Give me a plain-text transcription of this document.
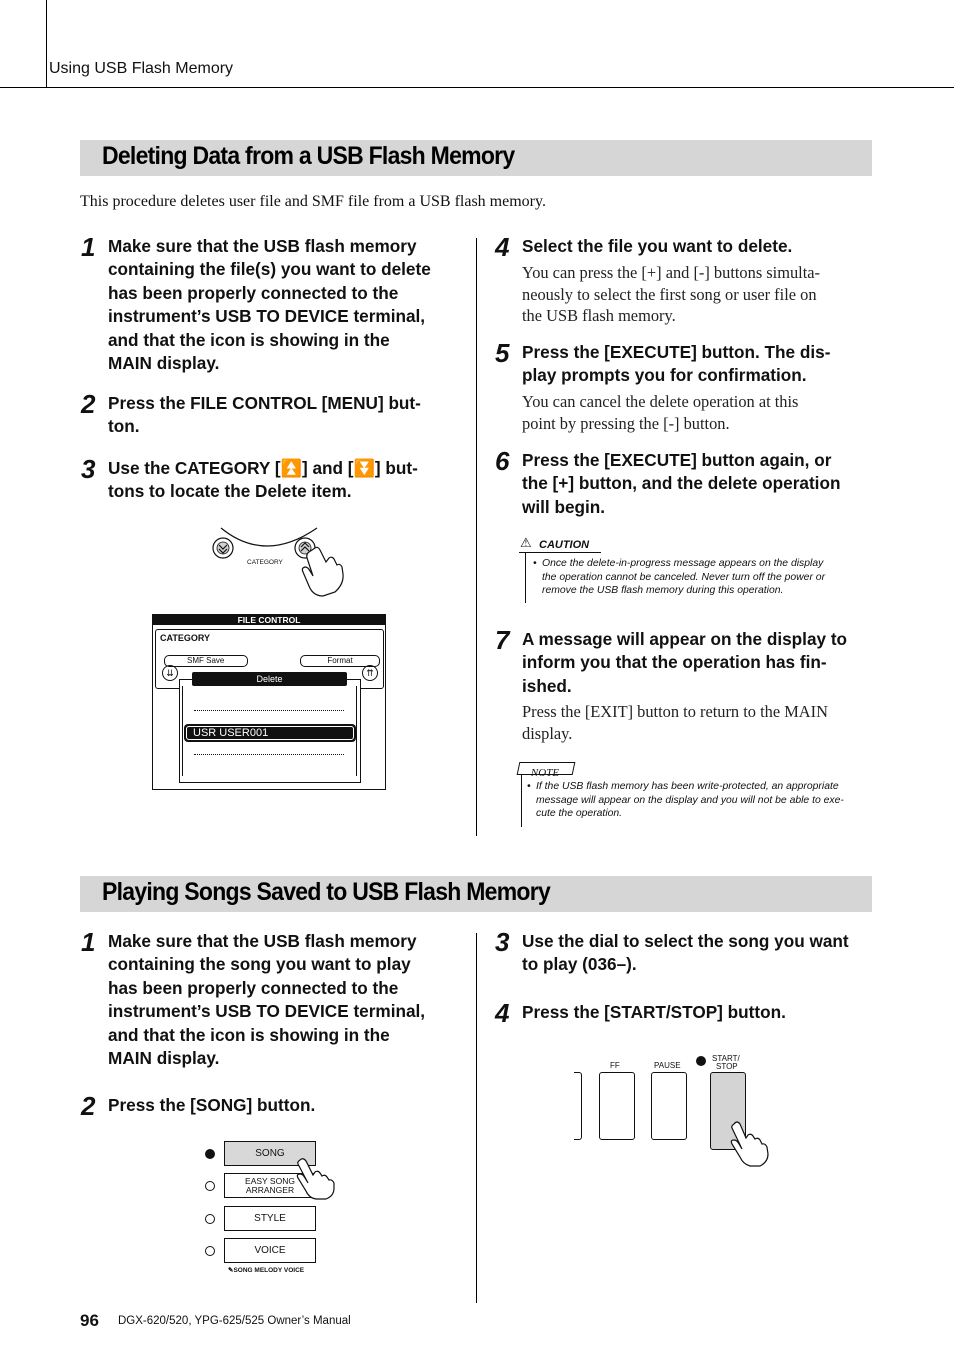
Using USB Flash Memory
Deleting Data from a USB Flash Memory
This procedure deletes user file and SMF file from a USB flash memory.
1 Make sure that the USB flash memory
containing the file(s) you want to delete
has been properly connected to the
instrument’s USB TO DEVICE terminal,
and that the icon is showing in the
MAIN display.
2 Press the FILE CONTROL [MENU] but-
ton.
3 Use the CATEGORY [⏫] and [⏬] but-
tons to locate the Delete item.
CATEGORY
FILE CONTROL
CATEGORY
⇊	⇈
SMF Save	Format
Delete
USR USER001
4 Select the file you want to delete.
You can press the [+] and [-] buttons simulta-
neously to select the first song or user file on
the USB flash memory.
5 Press the [EXECUTE] button. The dis-
play prompts you for confirmation.
You can cancel the delete operation at this
point by pressing the [-] button.
6 Press the [EXECUTE] button again, or
the [+] button, and the delete operation
will begin.
⚠ CAUTION
• Once the delete-in-progress message appears on the display
the operation cannot be canceled. Never turn off the power or
remove the USB flash memory during this operation.
7 A message will appear on the display to
inform you that the operation has fin-
ished.
Press the [EXIT] button to return to the MAIN
display.
NOTE
• If the USB flash memory has been write-protected, an appropriate
message will appear on the display and you will not be able to exe-
cute the operation.
Playing Songs Saved to USB Flash Memory
1 Make sure that the USB flash memory
containing the song you want to play
has been properly connected to the
instrument’s USB TO DEVICE terminal,
and that the icon is showing in the
MAIN display.
2 Press the [SONG] button.
SONG
EASY SONG
ARRANGER
STYLE
VOICE
✎SONG MELODY VOICE
3 Use the dial to select the song you want
to play (036–).
4 Press the [START/STOP] button.
FF	PAUSE
START/
STOP
96 DGX-620/520, YPG-625/525 Owner’s Manual
